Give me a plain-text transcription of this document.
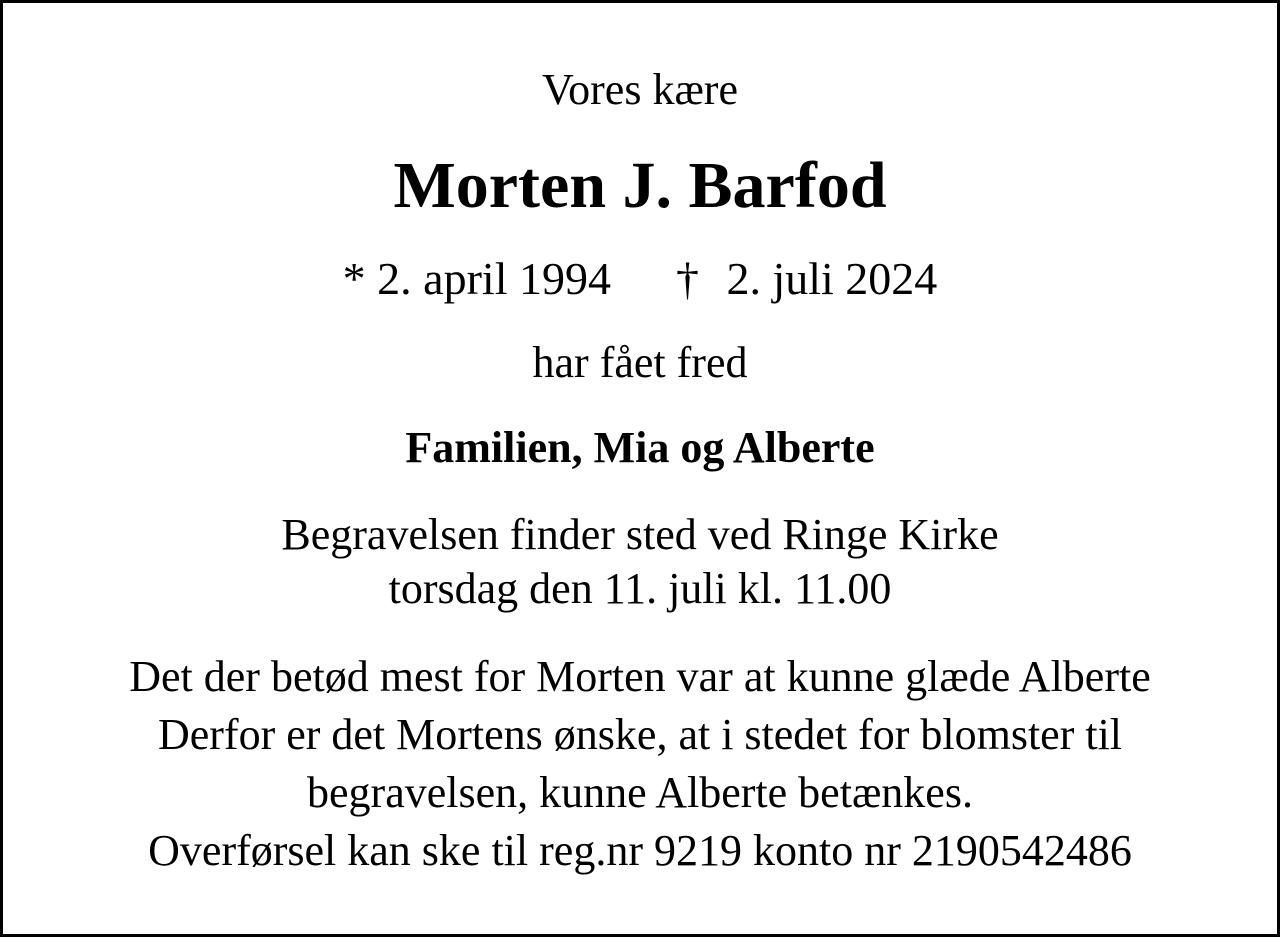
Vores kære
Morten J. Barfod
* 2. april 1994 † 2. juli 2024
har fået fred
Familien, Mia og Alberte
Begravelsen finder sted ved Ringe Kirke
torsdag den 11. juli kl. 11.00
Det der betød mest for Morten var at kunne glæde Alberte
Derfor er det Mortens ønske, at i stedet for blomster til
begravelsen, kunne Alberte betænkes.
Overførsel kan ske til reg.nr 9219 konto nr 2190542486
